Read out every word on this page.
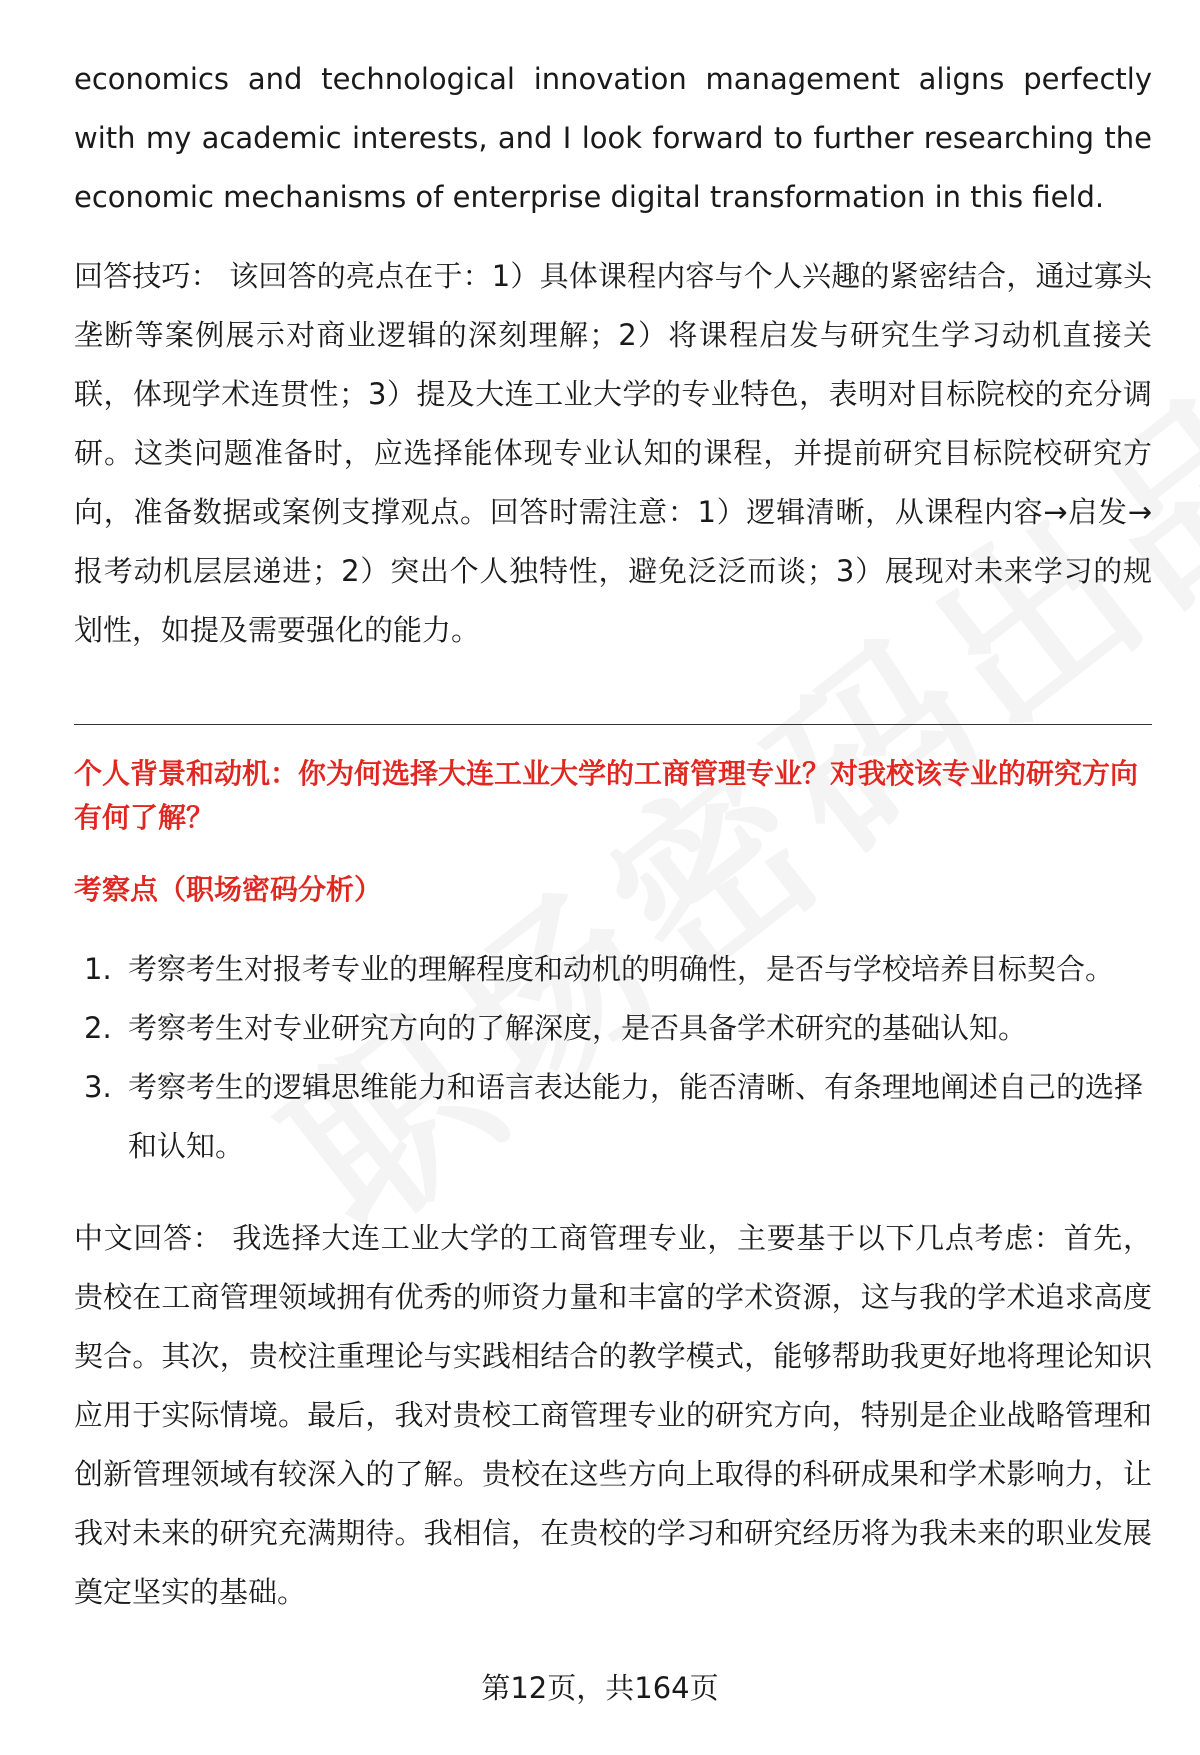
economics and technological innovation management aligns perfectly with my academic interests, and I look forward to further researching the economic mechanisms of enterprise digital transformation in this field.

回答技巧： 该回答的亮点在于：1）具体课程内容与个人兴趣的紧密结合，通过寡头垄断等案例展示对商业逻辑的深刻理解；2）将课程启发与研究生学习动机直接关联，体现学术连贯性；3）提及大连工业大学的专业特色，表明对目标院校的充分调研。这类问题准备时，应选择能体现专业认知的课程，并提前研究目标院校研究方向，准备数据或案例支撑观点。回答时需注意：1）逻辑清晰，从课程内容→启发→报考动机层层递进；2）突出个人独特性，避免泛泛而谈；3）展现对未来学习的规划性，如提及需要强化的能力。

个人背景和动机：你为何选择大连工业大学的工商管理专业？对我校该专业的研究方向有何了解？

考察点（职场密码分析）

1. 考察考生对报考专业的理解程度和动机的明确性，是否与学校培养目标契合。
2. 考察考生对专业研究方向的了解深度，是否具备学术研究的基础认知。
3. 考察考生的逻辑思维能力和语言表达能力，能否清晰、有条理地阐述自己的选择和认知。

中文回答： 我选择大连工业大学的工商管理专业，主要基于以下几点考虑：首先，贵校在工商管理领域拥有优秀的师资力量和丰富的学术资源，这与我的学术追求高度契合。其次，贵校注重理论与实践相结合的教学模式，能够帮助我更好地将理论知识应用于实际情境。最后，我对贵校工商管理专业的研究方向，特别是企业战略管理和创新管理领域有较深入的了解。贵校在这些方向上取得的科研成果和学术影响力，让我对未来的研究充满期待。我相信，在贵校的学习和研究经历将为我未来的职业发展奠定坚实的基础。

第12页，共164页
